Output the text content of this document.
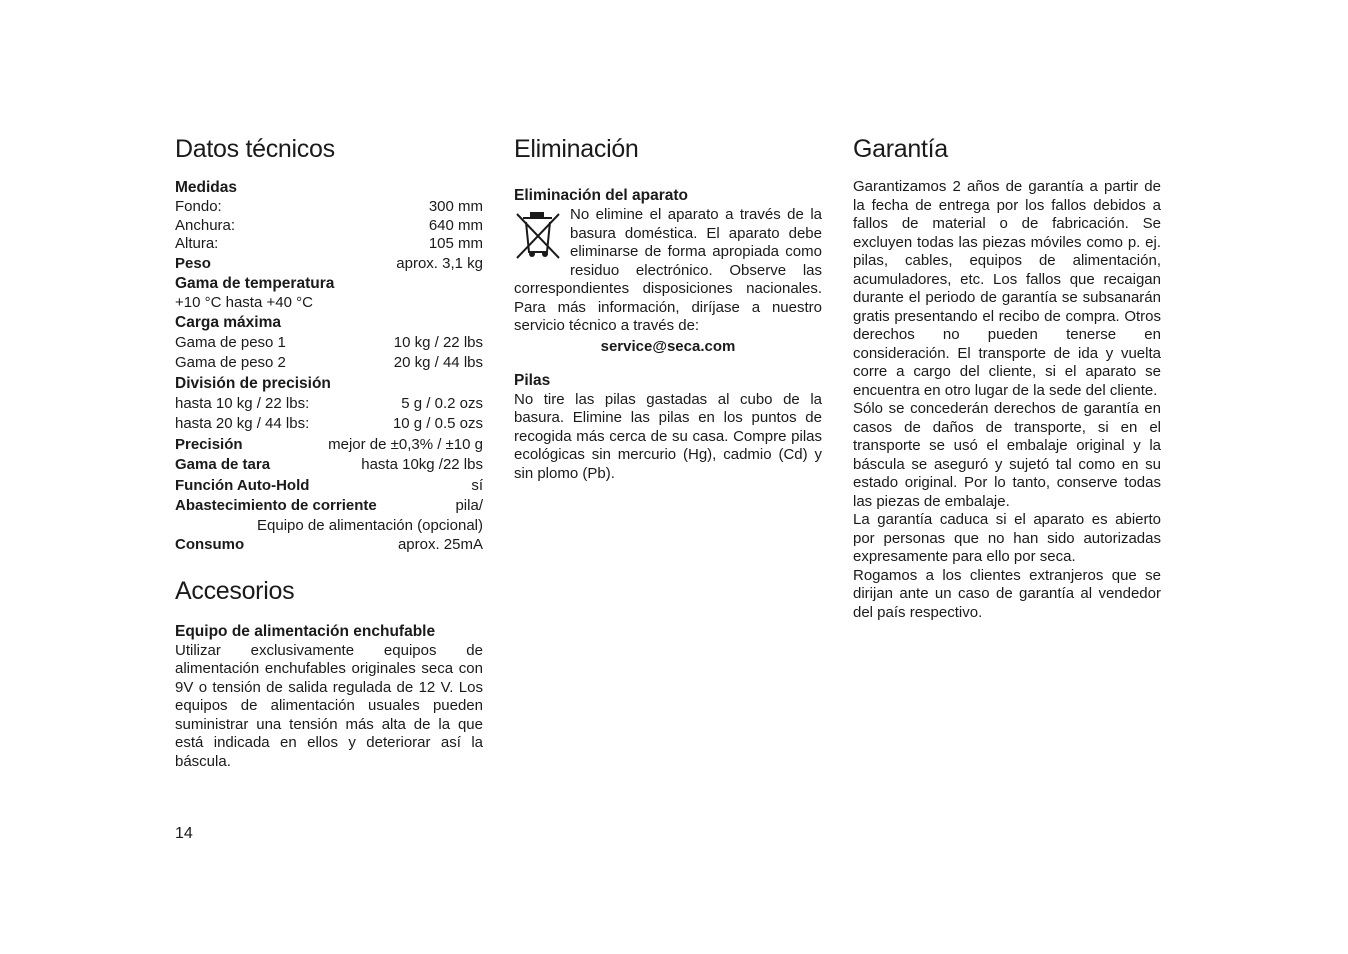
Datos técnicos
Medidas
Fondo:	300 mm
Anchura:	640 mm
Altura:	105 mm
Peso	aprox. 3,1 kg
Gama de temperatura
+10 °C hasta +40 °C
Carga máxima
Gama de peso 1	10 kg / 22 lbs
Gama de peso 2	20 kg / 44 lbs
División de precisión
hasta 10 kg / 22 lbs:	5 g / 0.2 ozs
hasta 20 kg / 44 lbs:	10 g / 0.5 ozs
Precisión	mejor de ±0,3% / ±10 g
Gama de tara	hasta 10kg /22 lbs
Función Auto-Hold	sí
Abastecimiento de corriente	pila/
Equipo de alimentación (opcional)
Consumo	aprox. 25mA
Accesorios
Equipo de alimentación enchufable

Utilizar exclusivamente equipos de alimentación enchufables originales seca con 9V o tensión de salida regulada de 12 V. Los equipos de alimentación usuales pueden suministrar una tensión más alta de la que está indicada en ellos y deteriorar así la báscula.

Eliminación
Eliminación del aparato

No elimine el aparato a través de la basura doméstica. El aparato debe eliminarse de forma apropiada como residuo electrónico. Observe las correspondientes disposiciones nacionales. Para más información, diríjase a nuestro servicio técnico a través de:

service@seca.com
Pilas

No tire las pilas gastadas al cubo de la basura. Elimine las pilas en los puntos de recogida más cerca de su casa. Compre pilas ecológicas sin mercurio (Hg), cadmio (Cd) y sin plomo (Pb).

Garantía

Garantizamos 2 años de garantía a partir de la fecha de entrega por los fallos debidos a fallos de material o de fabricación. Se excluyen todas las piezas móviles como p. ej. pilas, cables, equipos de alimentación, acumuladores, etc. Los fallos que recaigan durante el periodo de garantía se subsanarán gratis presentando el recibo de compra. Otros derechos no pueden tenerse en consideración. El transporte de ida y vuelta corre a cargo del cliente, si el aparato se encuentra en otro lugar de la sede del cliente.

Sólo se concederán derechos de garantía en casos de daños de transporte, si en el transporte se usó el embalaje original y la báscula se aseguró y sujetó tal como en su estado original. Por lo tanto, conserve todas las piezas de embalaje.

La garantía caduca si el aparato es abierto por personas que no han sido autorizadas expresamente para ello por seca.

Rogamos a los clientes extranjeros que se dirijan ante un caso de garantía al vendedor del país respectivo.

14
